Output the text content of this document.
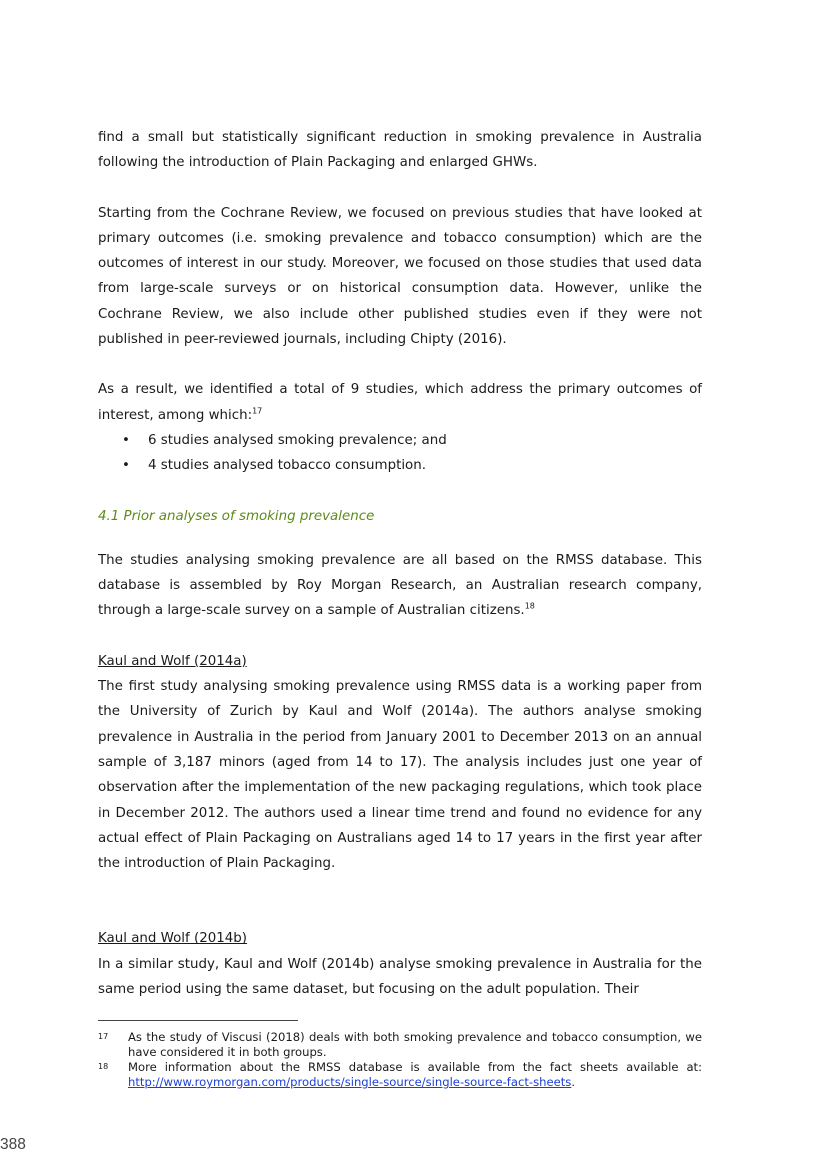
find a small but statistically significant reduction in smoking prevalence in Australia following the introduction of Plain Packaging and enlarged GHWs.

Starting from the Cochrane Review, we focused on previous studies that have looked at primary outcomes (i.e. smoking prevalence and tobacco consumption) which are the outcomes of interest in our study. Moreover, we focused on those studies that used data from large-scale surveys or on historical consumption data. However, unlike the Cochrane Review, we also include other published studies even if they were not published in peer-reviewed journals, including Chipty (2016).

As a result, we identified a total of 9 studies, which address the primary outcomes of interest, among which:$^{17}$

• 6 studies analysed smoking prevalence; and
• 4 studies analysed tobacco consumption.

4.1 Prior analyses of smoking prevalence

The studies analysing smoking prevalence are all based on the RMSS database. This database is assembled by Roy Morgan Research, an Australian research company, through a large-scale survey on a sample of Australian citizens.$^{18}$

Kaul and Wolf (2014a)

The first study analysing smoking prevalence using RMSS data is a working paper from the University of Zurich by Kaul and Wolf (2014a). The authors analyse smoking prevalence in Australia in the period from January 2001 to December 2013 on an annual sample of 3,187 minors (aged from 14 to 17). The analysis includes just one year of observation after the implementation of the new packaging regulations, which took place in December 2012. The authors used a linear time trend and found no evidence for any actual effect of Plain Packaging on Australians aged 14 to 17 years in the first year after the introduction of Plain Packaging.

Kaul and Wolf (2014b)

In a similar study, Kaul and Wolf (2014b) analyse smoking prevalence in Australia for the same period using the same dataset, but focusing on the adult population. Their

17	As the study of Viscusi (2018) deals with both smoking prevalence and tobacco consumption, we have considered it in both groups.
18	More information about the RMSS database is available from the fact sheets available at: http://www.roymorgan.com/products/single-source/single-source-fact-sheets.
388
